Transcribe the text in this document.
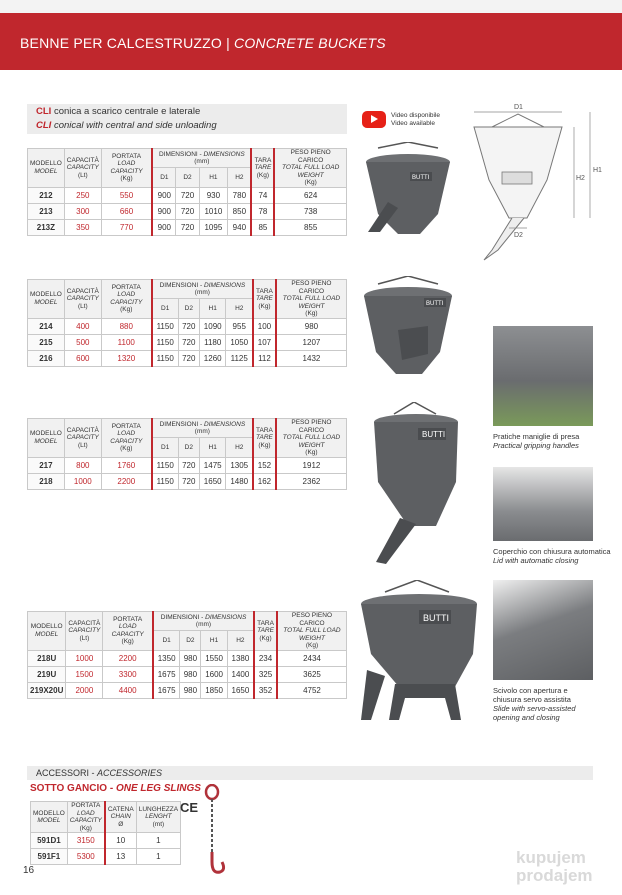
BENNE PER CALCESTRUZZO | CONCRETE BUCKETS
CLI conica a scarico centrale e laterale
CLI conical with central and side unloading
Video disponibile
Video available
D1
D2
H1
H2
MODELLO
MODEL	CAPACITÀ
CAPACITY
(Lt)	PORTATA
LOAD CAPACITY
(Kg)	DIMENSIONI - DIMENSIONS (mm)				TARA
TARE
(Kg)	PESO PIENO CARICO
TOTAL FULL LOAD WEIGHT
(Kg)
			D1	D2	H1	H2		
212	250	550	900	720	930	780	74	624
213	300	660	900	720	1010	850	78	738
213Z	350	770	900	720	1095	940	85	855
MODELLO
MODEL	CAPACITÀ
CAPACITY
(Lt)	PORTATA
LOAD CAPACITY
(Kg)	DIMENSIONI - DIMENSIONS (mm)				TARA
TARE
(Kg)	PESO PIENO CARICO
TOTAL FULL LOAD WEIGHT
(Kg)
			D1	D2	H1	H2		
214	400	880	1150	720	1090	955	100	980
215	500	1100	1150	720	1180	1050	107	1207
216	600	1320	1150	720	1260	1125	112	1432
MODELLO
MODEL	CAPACITÀ
CAPACITY
(Lt)	PORTATA
LOAD CAPACITY
(Kg)	DIMENSIONI - DIMENSIONS (mm)				TARA
TARE
(Kg)	PESO PIENO CARICO
TOTAL FULL LOAD WEIGHT
(Kg)
			D1	D2	H1	H2		
217	800	1760	1150	720	1475	1305	152	1912
218	1000	2200	1150	720	1650	1480	162	2362
MODELLO
MODEL	CAPACITÀ
CAPACITY
(Lt)	PORTATA
LOAD CAPACITY
(Kg)	DIMENSIONI - DIMENSIONS (mm)				TARA
TARE
(Kg)	PESO PIENO CARICO
TOTAL FULL LOAD WEIGHT
(Kg)
			D1	D2	H1	H2		
218U	1000	2200	1350	980	1550	1380	234	2434
219U	1500	3300	1675	980	1600	1400	325	3625
219X20U	2000	4400	1675	980	1850	1650	352	4752
BUTTI
BUTTI
BUTTI
BUTTI
Pratiche maniglie di presa
Practical gripping handles
Coperchio con chiusura automatica
Lid with automatic closing
Scivolo con apertura e chiusura servo assistita
Slide with servo-assisted opening and closing
ACCESSORI - ACCESSORIES
SOTTO GANCIO - ONE LEG SLINGS
MODELLO
MODEL	PORTATA
LOAD CAPACITY
(Kg)	CATENA
CHAIN
Ø	LUNGHEZZA
LENGHT
(mt)
591D1	3150	10	1
591F1	5300	13	1
CE
16
kupujem
prodajem
